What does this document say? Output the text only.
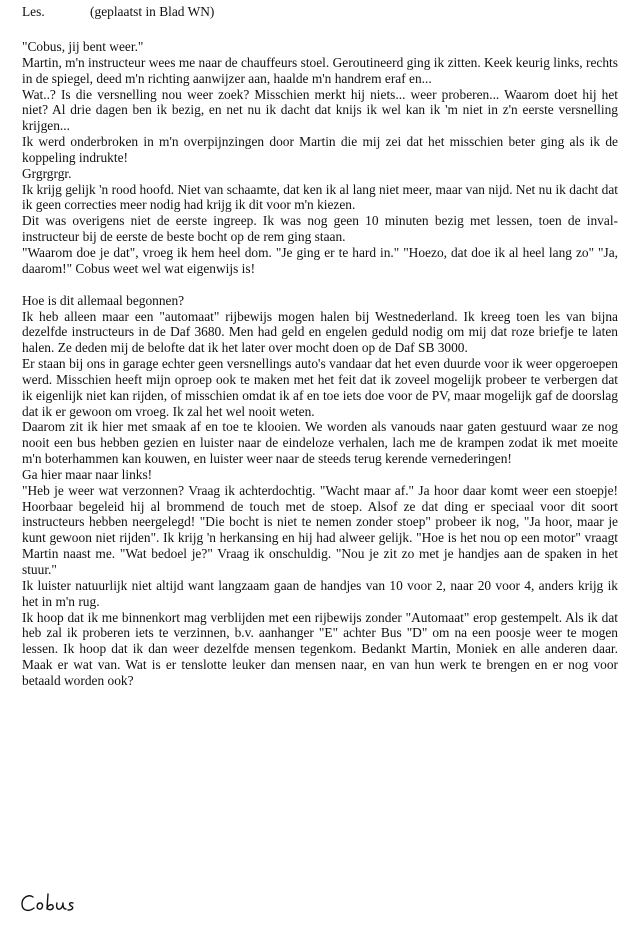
Les.	(geplaatst in Blad WN)

"Cobus, jij bent weer."

Martin, m'n instructeur wees me naar de chauffeurs stoel. Geroutineerd ging ik zitten. Keek keurig links, rechts in de spiegel, deed m'n richting aanwijzer aan, haalde m'n handrem eraf en...

Wat..? Is die versnelling nou weer zoek? Misschien merkt hij niets... weer proberen... Waarom doet hij het niet? Al drie dagen ben ik bezig, en net nu ik dacht dat knijs ik wel kan ik 'm niet in z'n eerste versnelling krijgen...

Ik werd onderbroken in m'n overpijnzingen door Martin die mij zei dat het misschien beter ging als ik de koppeling indrukte!

Grgrgrgr.

Ik krijg gelijk 'n rood hoofd. Niet van schaamte, dat ken ik al lang niet meer, maar van nijd. Net nu ik dacht dat ik geen correcties meer nodig had krijg ik dit voor m'n kiezen.

Dit was overigens niet de eerste ingreep. Ik was nog geen 10 minuten bezig met lessen, toen de inval-instructeur bij de eerste de beste bocht op de rem ging staan.

"Waarom doe je dat", vroeg ik hem heel dom. "Je ging er te hard in." "Hoezo, dat doe ik al heel lang zo" "Ja, daarom!" Cobus weet wel wat eigenwijs is!

Hoe is dit allemaal begonnen?

Ik heb alleen maar een "automaat" rijbewijs mogen halen bij Westnederland. Ik kreeg toen les van bijna dezelfde instructeurs in de Daf 3680. Men had geld en engelen geduld nodig om mij dat roze briefje te laten halen. Ze deden mij de belofte dat ik het later over mocht doen op de Daf SB 3000.

Er staan bij ons in garage echter geen versnellings auto's vandaar dat het even duurde voor ik weer opgeroepen werd. Misschien heeft mijn oproep ook te maken met het feit dat ik zoveel mogelijk probeer te verbergen dat ik eigenlijk niet kan rijden, of misschien omdat ik af en toe iets doe voor de PV, maar mogelijk gaf de doorslag dat ik er gewoon om vroeg. Ik zal het wel nooit weten.

Daarom zit ik hier met smaak af en toe te klooien. We worden als vanouds naar gaten gestuurd waar ze nog nooit een bus hebben gezien en luister naar de eindeloze verhalen, lach me de krampen zodat ik met moeite m'n boterhammen kan kouwen, en luister weer naar de steeds terug kerende vernederingen!

Ga hier maar naar links!

"Heb je weer wat verzonnen? Vraag ik achterdochtig. "Wacht maar af." Ja hoor daar komt weer een stoepje! Hoorbaar begeleid hij al brommend de touch met de stoep. Alsof ze dat ding er speciaal voor dit soort instructeurs hebben neergelegd! "Die bocht is niet te nemen zonder stoep" probeer ik nog, "Ja hoor, maar je kunt gewoon niet rijden". Ik krijg 'n herkansing en hij had alweer gelijk. "Hoe is het nou op een motor" vraagt Martin naast me. "Wat bedoel je?" Vraag ik onschuldig. "Nou je zit zo met je handjes aan de spaken in het stuur."

Ik luister natuurlijk niet altijd want langzaam gaan de handjes van 10 voor 2, naar 20 voor 4, anders krijg ik het in m'n rug.

Ik hoop dat ik me binnenkort mag verblijden met een rijbewijs zonder "Automaat" erop gestempelt. Als ik dat heb zal ik proberen iets te verzinnen, b.v. aanhanger "E" achter Bus "D" om na een poosje weer te mogen lessen. Ik hoop dat ik dan weer dezelfde mensen tegenkom. Bedankt Martin, Moniek en alle anderen daar. Maak er wat van. Wat is er tenslotte leuker dan mensen naar, en van hun werk te brengen en er nog voor betaald worden ook?
